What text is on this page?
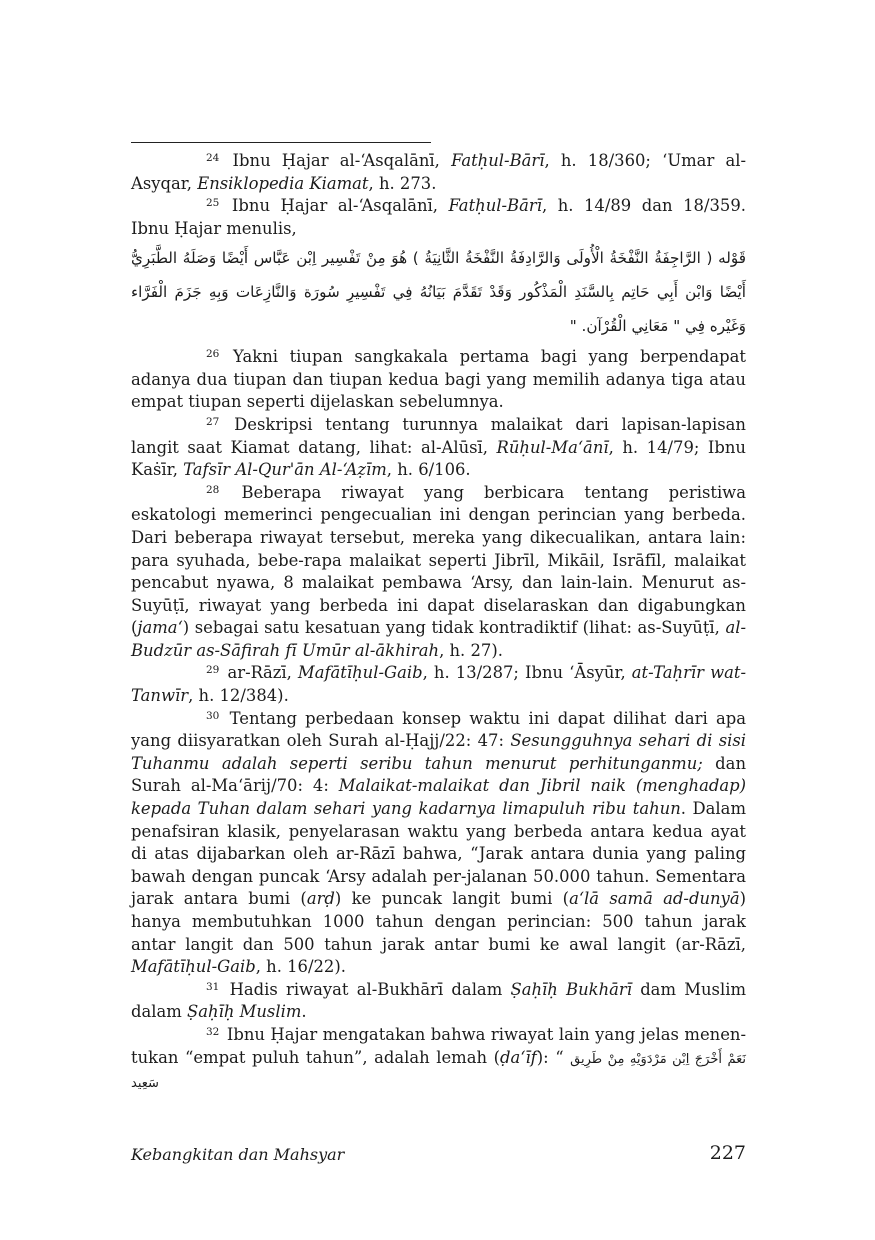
$^{24}$ Ibnu Ḥajar al-‘Asqalānī, Fatḥul-Bārī, h. 18/360; ‘Umar al-Asyqar, Ensiklopedia Kiamat, h. 273.

$^{25}$ Ibnu Ḥajar al-‘Asqalānī, Fatḥul-Bārī, h. 14/89 dan 18/359. Ibnu Ḥajar menulis,

قَوْله ( الرَّاجِفَةُ النَّفْخَةُ الْأُولَى وَالرَّادِفَةُ النَّفْخَةُ الثَّانِيَةُ ) هُوَ مِنْ تَفْسِير اِبْن عَبَّاس أَيْضًا وَصَلَهُ الطَّبَرِيُّ أَيْضًا وَابْن أَبِي حَاتِم بِالسَّنَدِ الْمَذْكُور وَقَدْ تَقَدَّمَ بَيَانُهُ فِي تَفْسِيرِ سُورَة وَالنَّازِعَات وَبِهِ جَزَمَ الْفَرَّاء وَغَيْره فِي " مَعَانِي الْقُرْآن. "

$^{26}$ Yakni tiupan sangkakala pertama bagi yang berpendapat adanya dua tiupan dan tiupan kedua bagi yang memilih adanya tiga atau empat tiupan seperti dijelaskan sebelumnya.

$^{27}$ Deskripsi tentang turunnya malaikat dari lapisan-lapisan langit saat Kiamat datang, lihat: al-Alūsī, Rūḥul-Ma‘ānī, h. 14/79; Ibnu Kaṡīr, Tafsīr Al-Qur'ān Al-‘Aẓīm, h. 6/106.

$^{28}$ Beberapa riwayat yang berbicara tentang peristiwa eskatologi memerinci pengecualian ini dengan perincian yang berbeda. Dari beberapa riwayat tersebut, mereka yang dikecualikan, antara lain: para syuhada, bebe-rapa malaikat seperti Jibrīl, Mikāil, Isrāfīl, malaikat pencabut nyawa, 8 malaikat pembawa ‘Arsy, dan lain-lain. Menurut as-Suyūṭī, riwayat yang berbeda ini dapat diselaraskan dan digabungkan (jama‘) sebagai satu kesatuan yang tidak kontradiktif (lihat: as-Suyūṭī, al-Budzūr as-Sāfirah fī Umūr al-ākhirah, h. 27).

$^{29}$ ar-Rāzī, Mafātīḥul-Gaib, h. 13/287; Ibnu ‘Āsyūr, at-Taḥrīr wat-Tanwīr, h. 12/384).

$^{30}$ Tentang perbedaan konsep waktu ini dapat dilihat dari apa yang diisyaratkan oleh Surah al-Ḥajj/22: 47: Sesungguhnya sehari di sisi Tuhanmu adalah seperti seribu tahun menurut perhitunganmu; dan Surah al-Ma‘ārij/70: 4: Malaikat-malaikat dan Jibril naik (menghadap) kepada Tuhan dalam sehari yang kadarnya limapuluh ribu tahun. Dalam penafsiran klasik, penyelarasan waktu yang berbeda antara kedua ayat di atas dijabarkan oleh ar-Rāzī bahwa, “Jarak antara dunia yang paling bawah dengan puncak ‘Arsy adalah per-jalanan 50.000 tahun. Sementara jarak antara bumi (arḍ) ke puncak langit bumi (a‘lā samā ad-dunyā) hanya membutuhkan 1000 tahun dengan perincian: 500 tahun jarak antar langit dan 500 tahun jarak antar bumi ke awal langit (ar-Rāzī, Mafātīḥul-Gaib, h. 16/22).

$^{31}$ Hadis riwayat al-Bukhārī dalam Ṣaḥīḥ Bukhārī dam Muslim dalam Ṣaḥīḥ Muslim.

$^{32}$ Ibnu Ḥajar mengatakan bahwa riwayat lain yang jelas menen-tukan “empat puluh tahun”, adalah lemah (ḍa‘īf): “ نَعَمْ أَخْرَجَ اِبْن مَرْدَوَيْهِ مِنْ طَرِيق سَعِيد

Kebangkitan dan Mahsyar	227
